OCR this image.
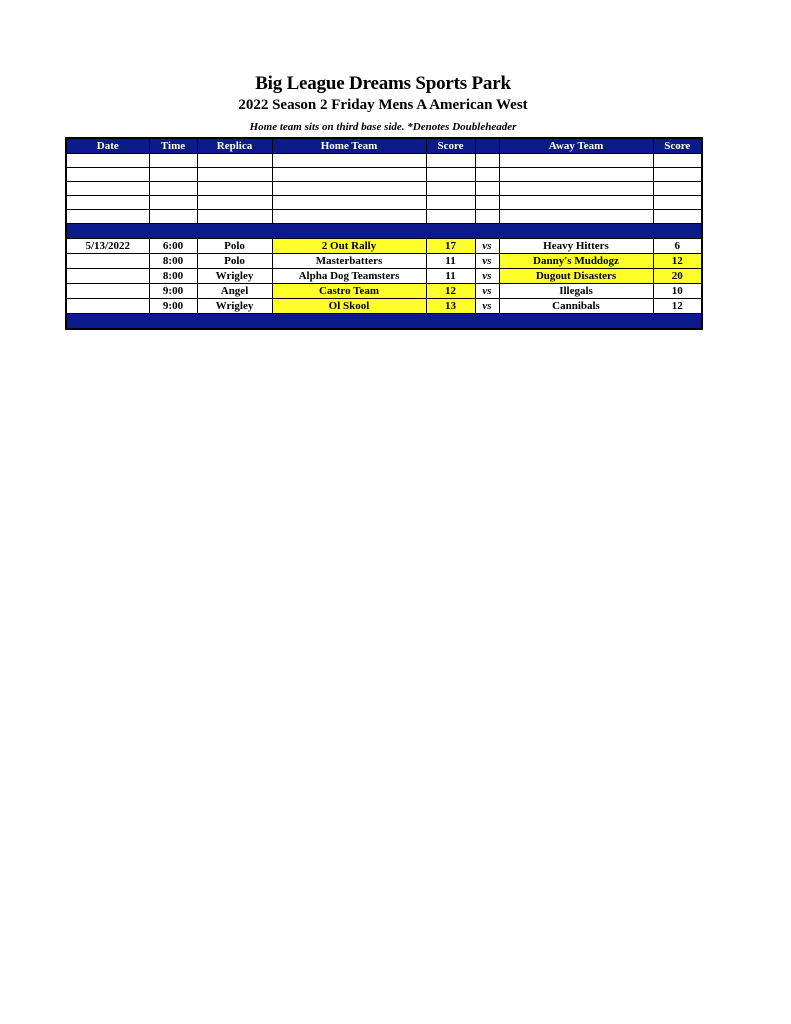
Big League Dreams Sports Park
2022 Season 2 Friday Mens A American West
Home team sits on third base side. *Denotes Doubleheader
Date	Time	Replica	Home Team	Score		Away Team	Score

5/13/2022	6:00	Polo	2 Out Rally	17	vs	Heavy Hitters	6
	8:00	Polo	Masterbatters	11	vs	Danny's Muddogz	12
	8:00	Wrigley	Alpha Dog Teamsters	11	vs	Dugout Disasters	20
	9:00	Angel	Castro Team	12	vs	Illegals	10
	9:00	Wrigley	Ol Skool	13	vs	Cannibals	12
